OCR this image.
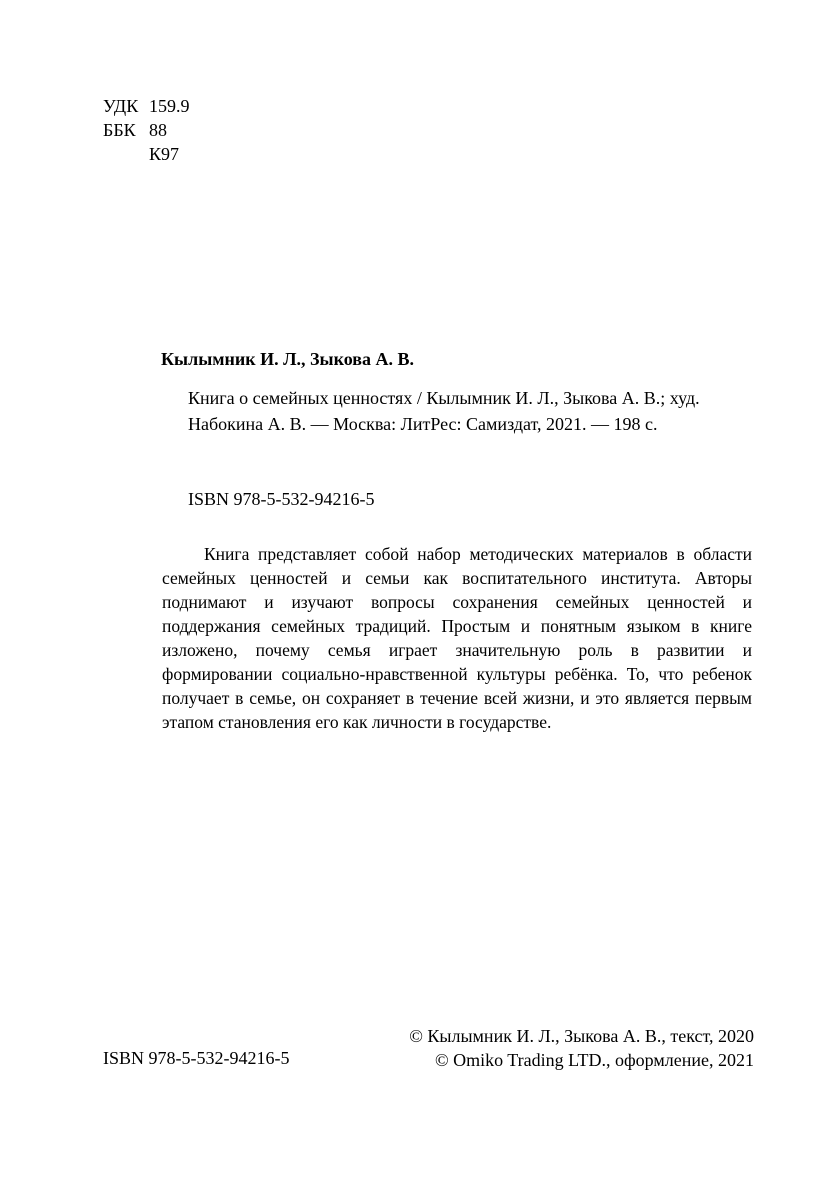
УДК 159.9
ББК 88
К97
Кылымник И. Л., Зыкова А. В.
Книга о семейных ценностях / Кылымник И. Л., Зыкова А. В.; худ. Набокина А. В. — Москва: ЛитРес: Самиздат, 2021. — 198 с.
ISBN 978-5-532-94216-5
Книга представляет собой набор методических материалов в области семейных ценностей и семьи как воспитательного института. Авторы поднимают и изучают вопросы сохранения семейных ценностей и поддержания семейных традиций. Простым и понятным языком в книге изложено, почему семья играет значительную роль в развитии и формировании социально-нравственной культуры ребёнка. То, что ребенок получает в семье, он сохраняет в течение всей жизни, и это является первым этапом становления его как личности в государстве.
ISBN 978-5-532-94216-5
© Кылымник И. Л., Зыкова А. В., текст, 2020
© Omiko Trading LTD., оформление, 2021
